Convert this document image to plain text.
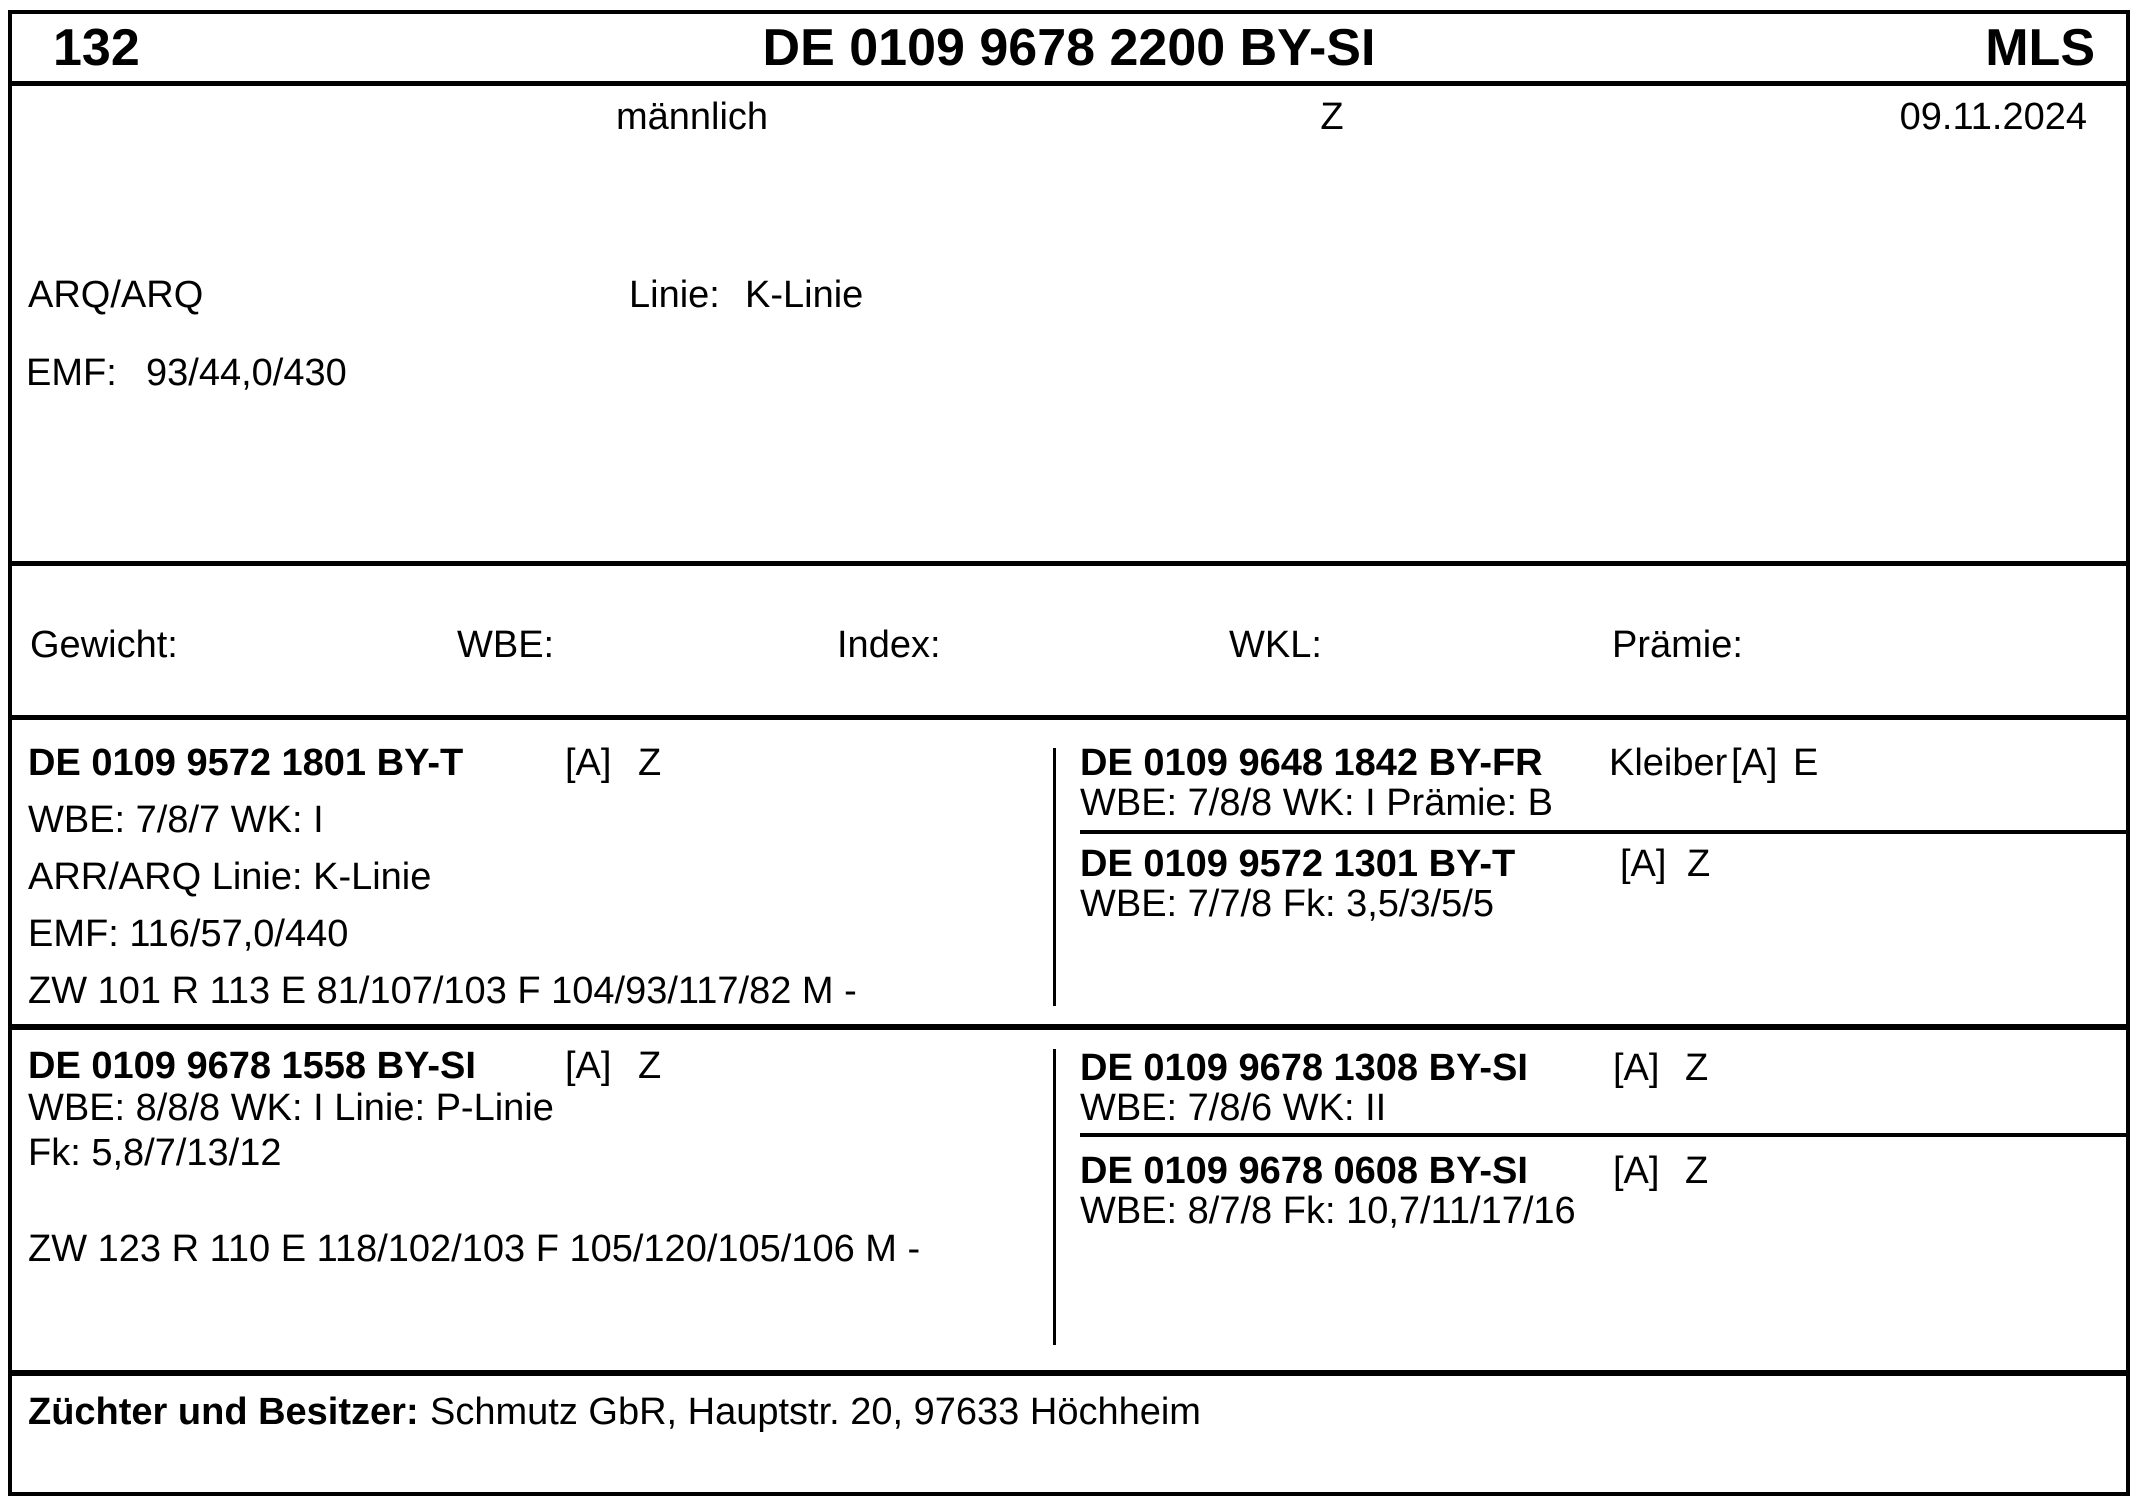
132	DE 0109 9678 2200 BY-SI	MLS
männlich	Z	09.11.2024
ARQ/ARQ	Linie: K-Linie
EMF: 93/44,0/430
Gewicht:	WBE:	Index:	WKL:	Prämie:
DE 0109 9572 1801 BY-T	[A] Z
WBE: 7/8/7 WK: I
ARR/ARQ Linie: K-Linie
EMF: 116/57,0/440
ZW 101 R 113 E 81/107/103 F 104/93/117/82 M -
DE 0109 9648 1842 BY-FR Kleiber [A] E
WBE: 7/8/8 WK: I Prämie: B
DE 0109 9572 1301 BY-T	[A] Z
WBE: 7/7/8 Fk: 3,5/3/5/5
DE 0109 9678 1558 BY-SI [A] Z
WBE: 8/8/8 WK: I Linie: P-Linie
Fk: 5,8/7/13/12
ZW 123 R 110 E 118/102/103 F 105/120/105/106 M -
DE 0109 9678 1308 BY-SI [A] Z
WBE: 7/8/6 WK: II
DE 0109 9678 0608 BY-SI [A] Z
WBE: 8/7/8 Fk: 10,7/11/17/16
Züchter und Besitzer: Schmutz GbR, Hauptstr. 20, 97633 Höchheim
